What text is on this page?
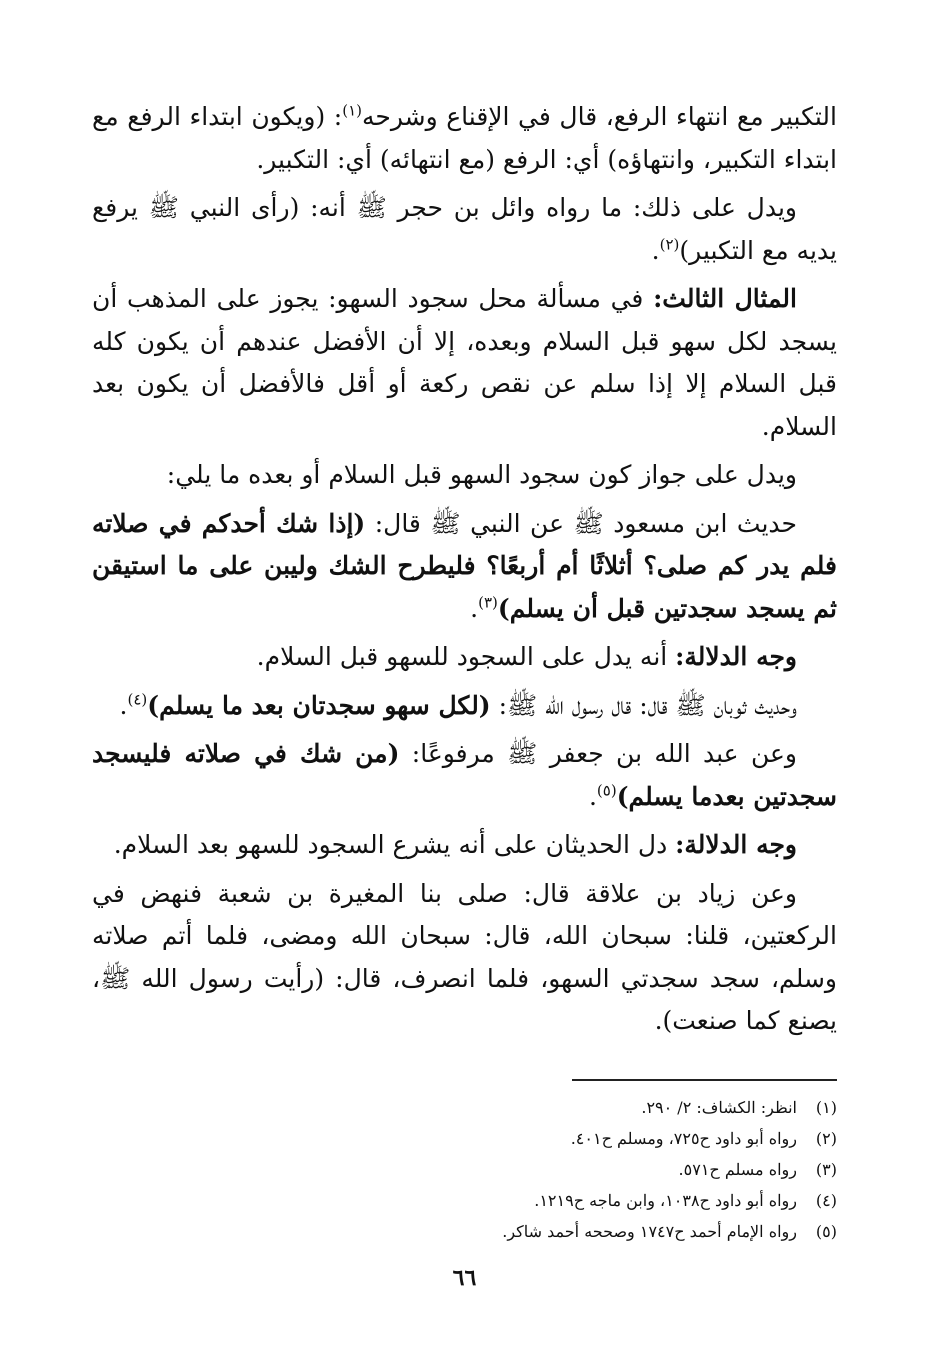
التكبير مع انتهاء الرفع، قال في الإقناع وشرحه$^{(١)}$: (ويكون ابتداء الرفع مع ابتداء التكبير، وانتهاؤه) أي: الرفع (مع انتهائه) أي: التكبير.

ويدل على ذلك: ما رواه وائل بن حجر ﷺ أنه: (رأى النبي ﷺ يرفع يديه مع التكبير)$^{(٢)}$.

المثال الثالث: في مسألة محل سجود السهو: يجوز على المذهب أن يسجد لكل سهو قبل السلام وبعده، إلا أن الأفضل عندهم أن يكون كله قبل السلام إلا إذا سلم عن نقص ركعة أو أقل فالأفضل أن يكون بعد السلام.

ويدل على جواز كون سجود السهو قبل السلام أو بعده ما يلي:

حديث ابن مسعود ﷺ عن النبي ﷺ قال: (إذا شك أحدكم في صلاته فلم يدر كم صلى؟ أثلاثًا أم أربعًا؟ فليطرح الشك وليبن على ما استيقن ثم يسجد سجدتين قبل أن يسلم)$^{(٣)}$.

وجه الدلالة: أنه يدل على السجود للسهو قبل السلام.

وحديث ثوبان ﷺ قال: قال رسول الله ﷺ: (لكل سهو سجدتان بعد ما يسلم)$^{(٤)}$.

وعن عبد الله بن جعفر ﷺ مرفوعًا: (من شك في صلاته فليسجد سجدتين بعدما يسلم)$^{(٥)}$.

وجه الدلالة: دل الحديثان على أنه يشرع السجود للسهو بعد السلام.

وعن زياد بن علاقة قال: صلى بنا المغيرة بن شعبة فنهض في الركعتين، قلنا: سبحان الله، قال: سبحان الله ومضى، فلما أتم صلاته وسلم، سجد سجدتي السهو، فلما انصرف، قال: (رأيت رسول الله ﷺ، يصنع كما صنعت).

(١)
انظر: الكشاف: ٢/ ٢٩٠.
(٢)
رواه أبو داود ح٧٢٥، ومسلم ح٤٠١.
(٣)
رواه مسلم ح٥٧١.
(٤)
رواه أبو داود ح١٠٣٨، وابن ماجه ح١٢١٩.
(٥)
رواه الإمام أحمد ح١٧٤٧ وصححه أحمد شاكر.
٦٦
